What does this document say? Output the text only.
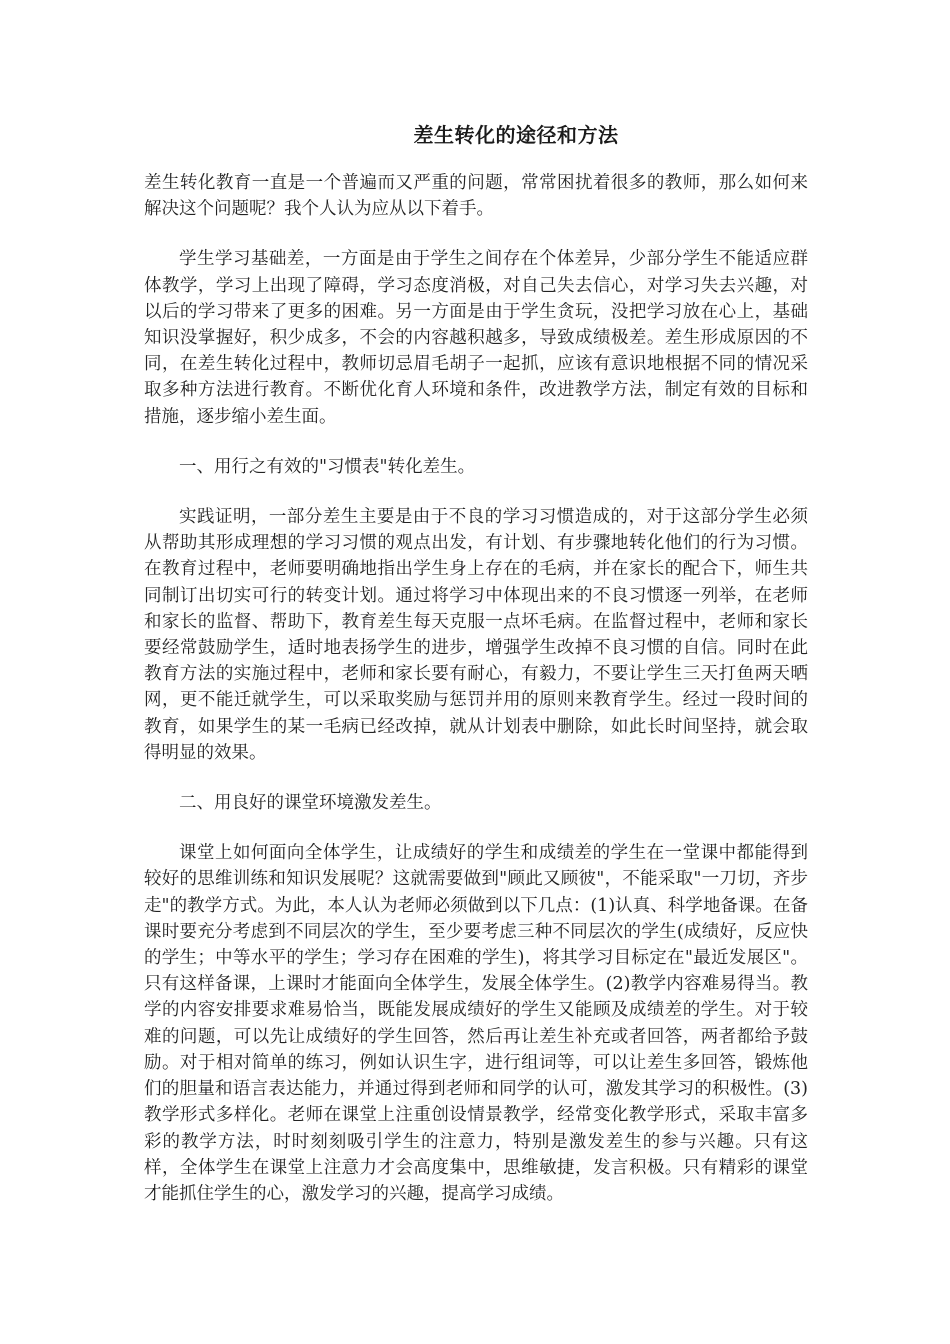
差生转化的途径和方法

差生转化教育一直是一个普遍而又严重的问题，常常困扰着很多的教师，那么如何来解决这个问题呢？我个人认为应从以下着手。

学生学习基础差，一方面是由于学生之间存在个体差异，少部分学生不能适应群体教学，学习上出现了障碍，学习态度消极，对自己失去信心，对学习失去兴趣，对以后的学习带来了更多的困难。另一方面是由于学生贪玩，没把学习放在心上，基础知识没掌握好，积少成多，不会的内容越积越多，导致成绩极差。差生形成原因的不同，在差生转化过程中，教师切忌眉毛胡子一起抓，应该有意识地根据不同的情况采取多种方法进行教育。不断优化育人环境和条件，改进教学方法，制定有效的目标和措施，逐步缩小差生面。

一、用行之有效的"习惯表"转化差生。

实践证明，一部分差生主要是由于不良的学习习惯造成的，对于这部分学生必须从帮助其形成理想的学习习惯的观点出发，有计划、有步骤地转化他们的行为习惯。在教育过程中，老师要明确地指出学生身上存在的毛病，并在家长的配合下，师生共同制订出切实可行的转变计划。通过将学习中体现出来的不良习惯逐一列举，在老师和家长的监督、帮助下，教育差生每天克服一点坏毛病。在监督过程中，老师和家长要经常鼓励学生，适时地表扬学生的进步，增强学生改掉不良习惯的自信。同时在此教育方法的实施过程中，老师和家长要有耐心，有毅力，不要让学生三天打鱼两天晒网，更不能迁就学生，可以采取奖励与惩罚并用的原则来教育学生。经过一段时间的教育，如果学生的某一毛病已经改掉，就从计划表中删除，如此长时间坚持，就会取得明显的效果。

二、用良好的课堂环境激发差生。

课堂上如何面向全体学生，让成绩好的学生和成绩差的学生在一堂课中都能得到较好的思维训练和知识发展呢？这就需要做到"顾此又顾彼"，不能采取"一刀切，齐步走"的教学方式。为此，本人认为老师必须做到以下几点：(1)认真、科学地备课。在备课时要充分考虑到不同层次的学生，至少要考虑三种不同层次的学生(成绩好，反应快的学生；中等水平的学生；学习存在困难的学生)，将其学习目标定在"最近发展区"。只有这样备课，上课时才能面向全体学生，发展全体学生。(2)教学内容难易得当。教学的内容安排要求难易恰当，既能发展成绩好的学生又能顾及成绩差的学生。对于较难的问题，可以先让成绩好的学生回答，然后再让差生补充或者回答，两者都给予鼓励。对于相对简单的练习，例如认识生字，进行组词等，可以让差生多回答，锻炼他们的胆量和语言表达能力，并通过得到老师和同学的认可，激发其学习的积极性。(3)教学形式多样化。老师在课堂上注重创设情景教学，经常变化教学形式，采取丰富多彩的教学方法，时时刻刻吸引学生的注意力，特别是激发差生的参与兴趣。只有这样，全体学生在课堂上注意力才会高度集中，思维敏捷，发言积极。只有精彩的课堂才能抓住学生的心，激发学习的兴趣，提高学习成绩。
